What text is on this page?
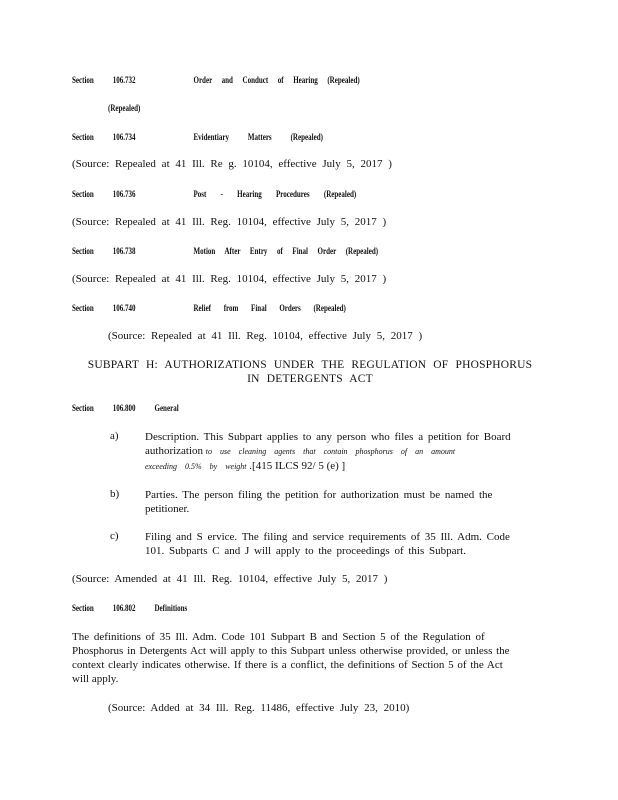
Section 106.732	Order and Conduct of Hearing (Repealed)
(Repealed)
Section 106.734	Evidentiary Matters (Repealed)
(Source: Repealed at 41 Ill. Re g. 10104, effective July 5, 2017 )
Section 106.736	Post - Hearing Procedures (Repealed)
(Source: Repealed at 41 Ill. Reg. 10104, effective July 5, 2017 )
Section 106.738	Motion After Entry of Final Order (Repealed)
(Source: Repealed at 41 Ill. Reg. 10104, effective July 5, 2017 )
Section 106.740	Relief from Final Orders (Repealed)
(Source: Repealed at 41 Ill. Reg. 10104, effective July 5, 2017 )
SUBPART H: AUTHORIZATIONS UNDER THE REGULATION OF PHOSPHORUS
IN DETERGENTS ACT
Section 106.800 General
a) Description. This Subpart applies to any person who files a petition for Board
authorization to use cleaning agents that contain phosphorus of an amount
exceeding 0.5% by weight .[415 ILCS 92/ 5 (e) ]
b) Parties. The person filing the petition for authorization must be named the
petitioner.
c) Filing and S ervice. The filing and service requirements of 35 Ill. Adm. Code
101. Subparts C and J will apply to the proceedings of this Subpart.
(Source: Amended at 41 Ill. Reg. 10104, effective July 5, 2017 )
Section 106.802 Definitions
The definitions of 35 Ill. Adm. Code 101 Subpart B and Section 5 of the Regulation of
Phosphorus in Detergents Act will apply to this Subpart unless otherwise provided, or unless the
context clearly indicates otherwise. If there is a conflict, the definitions of Section 5 of the Act
will apply.
(Source: Added at 34 Ill. Reg. 11486, effective July 23, 2010)
